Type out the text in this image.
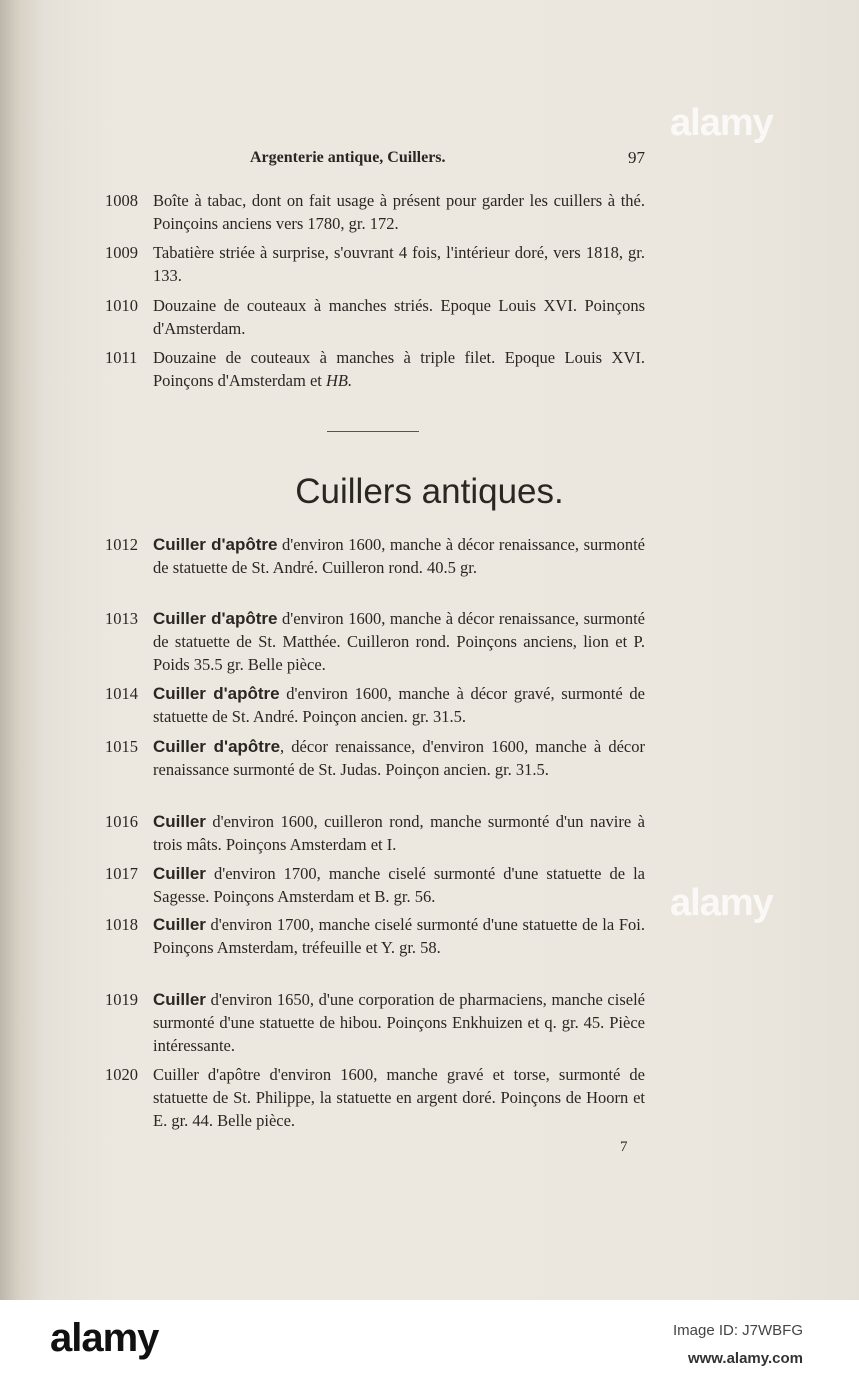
Argenterie antique, Cuillers.	97
1008 Boîte à tabac, dont on fait usage à présent pour garder les cuillers à thé. Poinçoins anciens vers 1780, gr. 172.
1009 Tabatière striée à surprise, s'ouvrant 4 fois, l'intérieur doré, vers 1818, gr. 133.
1010 Douzaine de couteaux à manches striés. Epoque Louis XVI. Poinçons d'Amsterdam.
1011 Douzaine de couteaux à manches à triple filet. Epoque Louis XVI. Poinçons d'Amsterdam et HB.
Cuillers antiques.
1012 Cuiller d'apôtre d'environ 1600, manche à décor renaissance, surmonté de statuette de St. André. Cuilleron rond. 40.5 gr.
1013 Cuiller d'apôtre d'environ 1600, manche à décor renaissance, surmonté de statuette de St. Matthée. Cuilleron rond. Poinçons anciens, lion et P. Poids 35.5 gr. Belle pièce.
1014 Cuiller d'apôtre d'environ 1600, manche à décor gravé, surmonté de statuette de St. André. Poinçon ancien. gr. 31.5.
1015 Cuiller d'apôtre, décor renaissance, d'environ 1600, manche à décor renaissance surmonté de St. Judas. Poinçon ancien. gr. 31.5.
1016 Cuiller d'environ 1600, cuilleron rond, manche surmonté d'un navire à trois mâts. Poinçons Amsterdam et I.
1017 Cuiller d'environ 1700, manche ciselé surmonté d'une statuette de la Sagesse. Poinçons Amsterdam et B. gr. 56.
1018 Cuiller d'environ 1700, manche ciselé surmonté d'une statuette de la Foi. Poinçons Amsterdam, tréfeuille et Y. gr. 58.
1019 Cuiller d'environ 1650, d'une corporation de pharmaciens, manche ciselé surmonté d'une statuette de hibou. Poinçons Enkhuizen et q. gr. 45. Pièce intéressante.
1020 Cuiller d'apôtre d'environ 1600, manche gravé et torse, surmonté de statuette de St. Philippe, la statuette en argent doré. Poinçons de Hoorn et E. gr. 44. Belle pièce.
7
alamy
alamy
alamy	Image ID: J7WBFG
www.alamy.com
